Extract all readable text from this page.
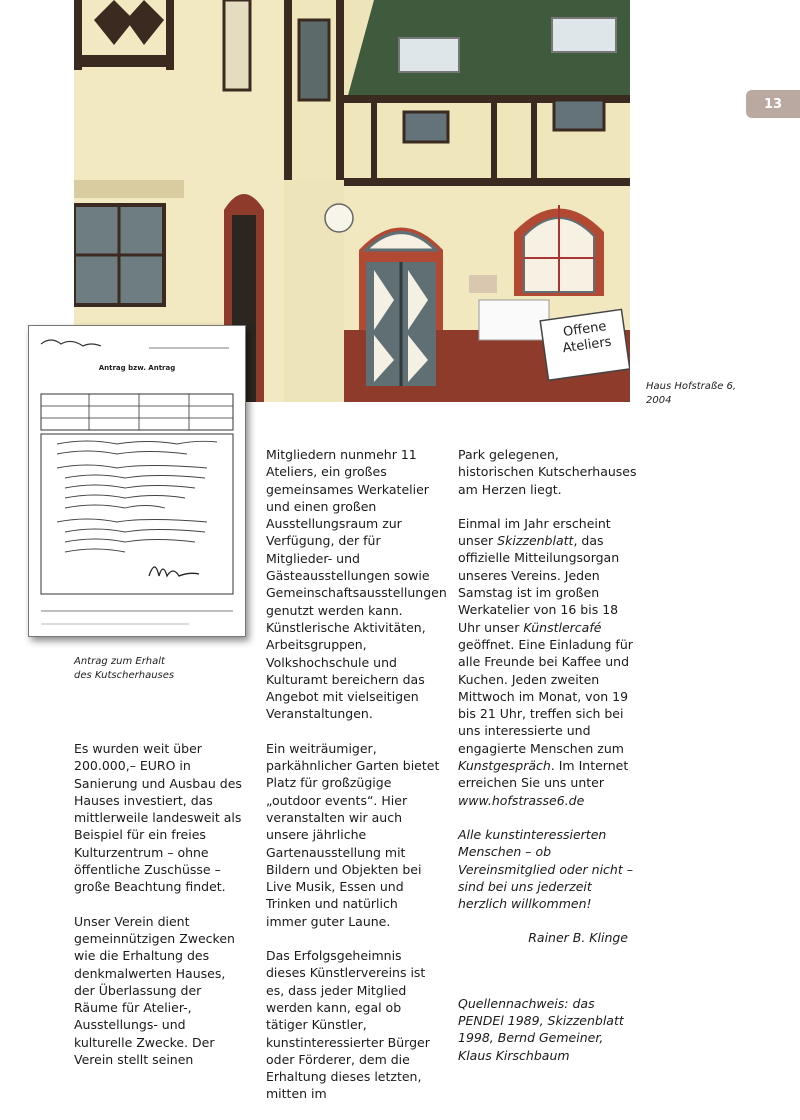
13
Offene
Ateliers
Haus Hofstraße 6,
2004
Antrag bzw. Antrag
Antrag zum Erhalt
des Kutscherhauses

Es wurden weit über 200.000,– EURO in Sanierung und Ausbau des Hauses investiert, das mittlerweile landesweit als Beispiel für ein freies Kulturzentrum – ohne öffentliche Zuschüsse – große Beachtung findet.

Unser Verein dient gemeinnützigen Zwecken wie die Erhaltung des denkmalwerten Hauses, der Überlassung der Räume für Atelier-, Ausstellungs- und kulturelle Zwecke. Der Verein stellt seinen

Mitgliedern nunmehr 11 Ateliers, ein großes gemeinsames Werkatelier und einen großen Ausstellungsraum zur Verfügung, der für Mitglieder- und Gästeausstellungen sowie Gemeinschaftsausstellungen genutzt werden kann. Künstlerische Aktivitäten, Arbeitsgruppen, Volkshochschule und Kulturamt bereichern das Angebot mit vielseitigen Veranstaltungen.

Ein weiträumiger, parkähnlicher Garten bietet Platz für großzügige „outdoor events“. Hier veranstalten wir auch unsere jährliche Gartenausstellung mit Bildern und Objekten bei Live Musik, Essen und Trinken und natürlich immer guter Laune.

Das Erfolgsgeheimnis dieses Künstlervereins ist es, dass jeder Mitglied werden kann, egal ob tätiger Künstler, kunstinteressierter Bürger oder Förderer, dem die Erhaltung dieses letzten, mitten im

Park gelegenen, historischen Kutscherhauses am Herzen liegt.

Einmal im Jahr erscheint unser Skizzenblatt, das offizielle Mitteilungsorgan unseres Vereins. Jeden Samstag ist im großen Werkatelier von 16 bis 18 Uhr unser Künstlercafé geöffnet. Eine Einladung für alle Freunde bei Kaffee und Kuchen. Jeden zweiten Mittwoch im Monat, von 19 bis 21 Uhr, treffen sich bei uns interessierte und engagierte Menschen zum Kunstgespräch. Im Internet erreichen Sie uns unter www.hofstrasse6.de

Alle kunstinteressierten Menschen – ob Vereinsmitglied oder nicht – sind bei uns jederzeit herzlich willkommen!

Rainer B. Klinge

Quellennachweis: das PENDEl 1989, Skizzenblatt 1998, Bernd Gemeiner, Klaus Kirschbaum
